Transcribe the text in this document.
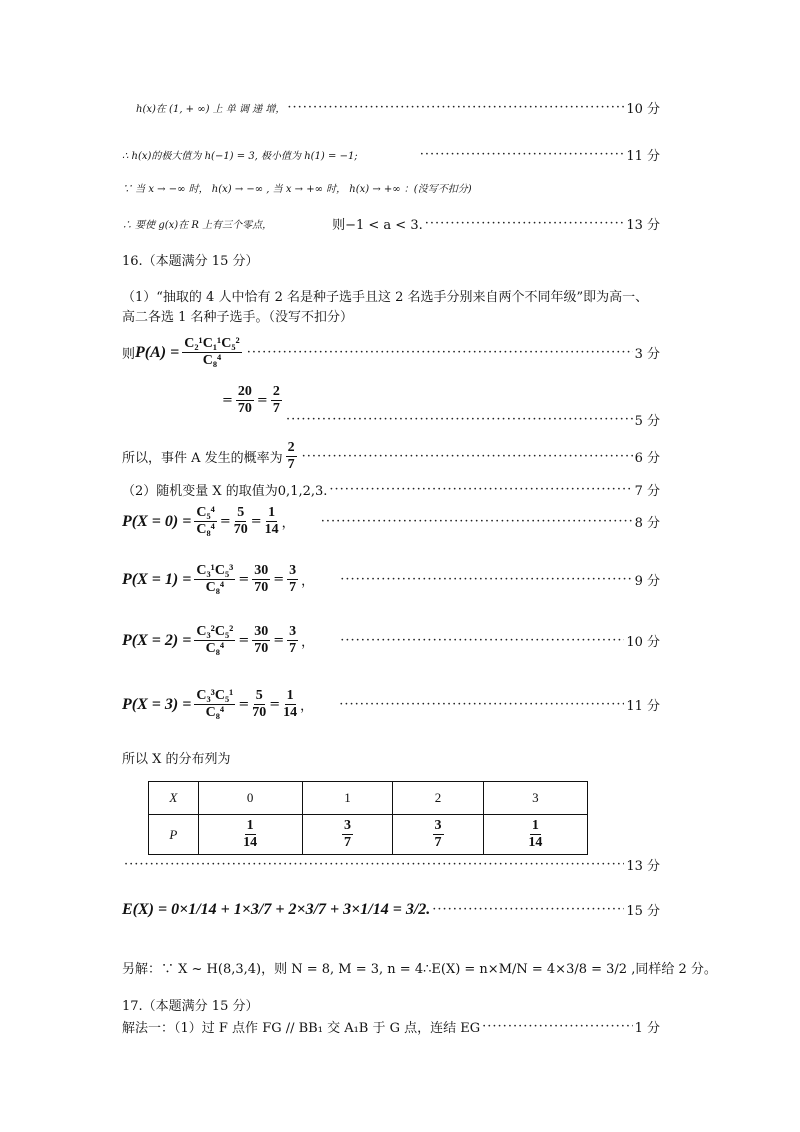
h(x)在 (1, + ∞) 上 单 调 递 增， ·····	10 分
∴ h(x)的极大值为 h(−1) = 3, 极小值为 h(1) = −1; ·····	11 分
∵ 当 x → −∞ 时， h(x) → −∞ , 当 x → +∞ 时， h(x) → +∞ ：(没写不扣分)
∴ 要使 g(x)在 R 上有三个零点，	则−1 < a < 3. ·····	13 分
16.（本题满分 15 分）
（1）“抽取的 4 人中恰有 2 名是种子选手且这 2 名选手分别来自两个不同年级”即为高一、
高二各选 1 名种子选手。（没写不扣分）
则 $P(A) = \frac{\text{C₂¹C₁¹C₅²}}{\text{C₈⁴}}$ ·····	3 分
= $\frac{20}{70} = \frac{2}{7}$
·····
5 分
所以，事件 A 发生的概率为 $\frac{2}{7}$ ·····	6 分
（2）随机变量 X 的取值为0,1,2,3. ·····	7 分
$P(X = 0) = \frac{\text{C₅⁴}}{\text{C₈⁴}} = \frac{5}{70} = \frac{1}{14}$ ， ·····	8 分
$P(X = 1) = \frac{\text{C₃¹C₅³}}{\text{C₈⁴}} = \frac{30}{70} = \frac{3}{7}$ ， ·····	9 分
$P(X = 2) = \frac{\text{C₃²C₅²}}{\text{C₈⁴}} = \frac{30}{70} = \frac{3}{7}$ ， ·····	10 分
$P(X = 3) = \frac{\text{C₃³C₅¹}}{\text{C₈⁴}} = \frac{5}{70} = \frac{1}{14}$ ， ·····	11 分
所以 X 的分布列为
X	0	1	2	3
P	$\frac{1}{14}$	$\frac{3}{7}$	$\frac{3}{7}$	$\frac{1}{14}$
·····
13 分
E(X) = 0×1/14 + 1×3/7 + 2×3/7 + 3×1/14 = 3/2. ·····	15 分
另解：∵ X ~ H(8,3,4)，则 N = 8, M = 3, n = 4 ∴E(X) = n×M/N = 4×3/8 = 3/2 ,同样给 2 分。
17.（本题满分 15 分）
解法一：（1）过 F 点作 FG // BB₁ 交 A₁B 于 G 点，连结 EG ·····	1 分
